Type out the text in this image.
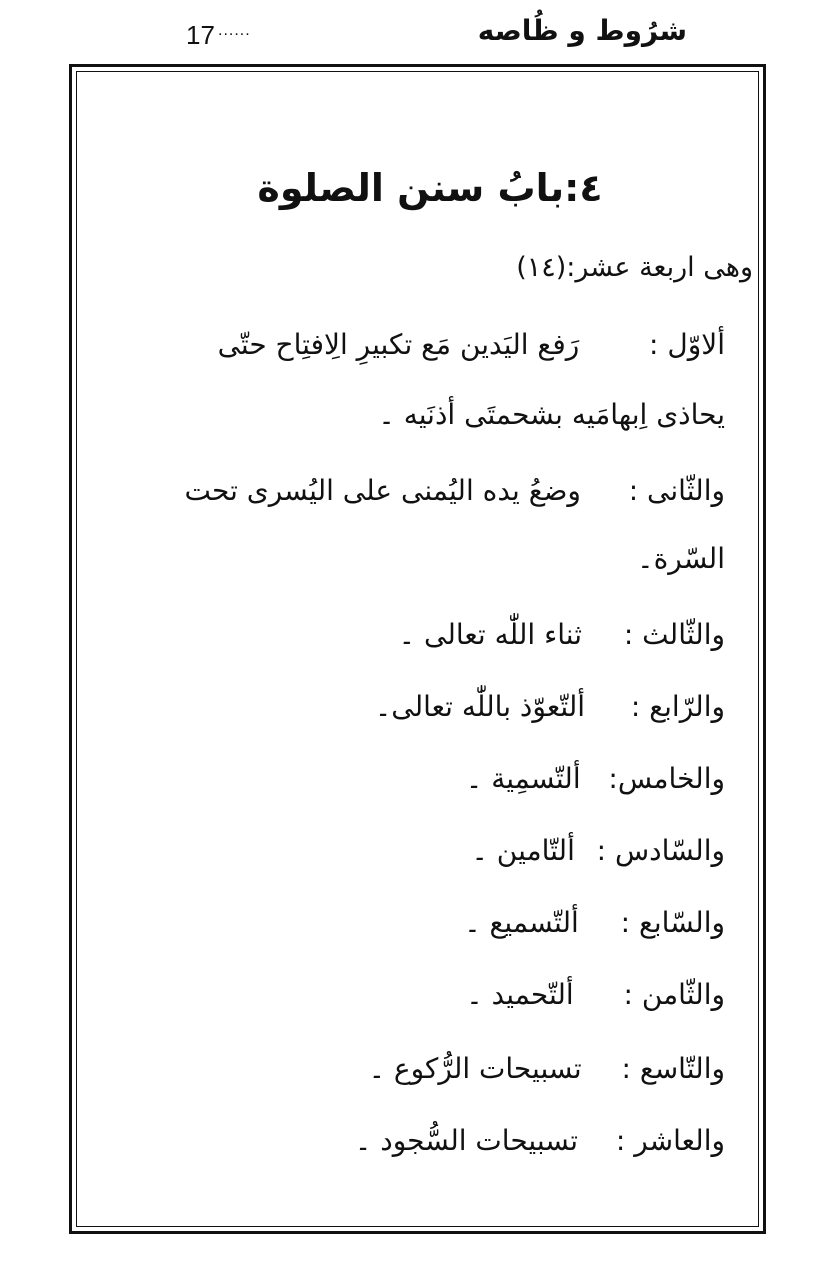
17 ......	شرُوط و ظُاصه
٤:بابُ سنن الصلوة
وهی اربعة عشر:(١٤)
ألاوّل :  رَفع الیَدین مَع تکبیرِ الِافتِاح حتّی
یحاذی اِبهامَیه بشحمتَی أذنَیه ۔
والثّانی :  وضعُ یده الیُمنی علی الیُسری تحت
السّرة۔
والثّالث :  ثناء اللّٰه تعالی ۔
والرّابع :  ألتّعوّذ باللّٰه تعالی۔
والخامس:  ألتّسمِیة ۔
والسّادس :  ألتّامین ۔
والسّابع :  ألتّسمیع ۔
والثّامن :  ألتّحمید ۔
والتّاسع :  تسبیحات الرُّکوع ۔
والعاشر :  تسبیحات السُّجود ۔
